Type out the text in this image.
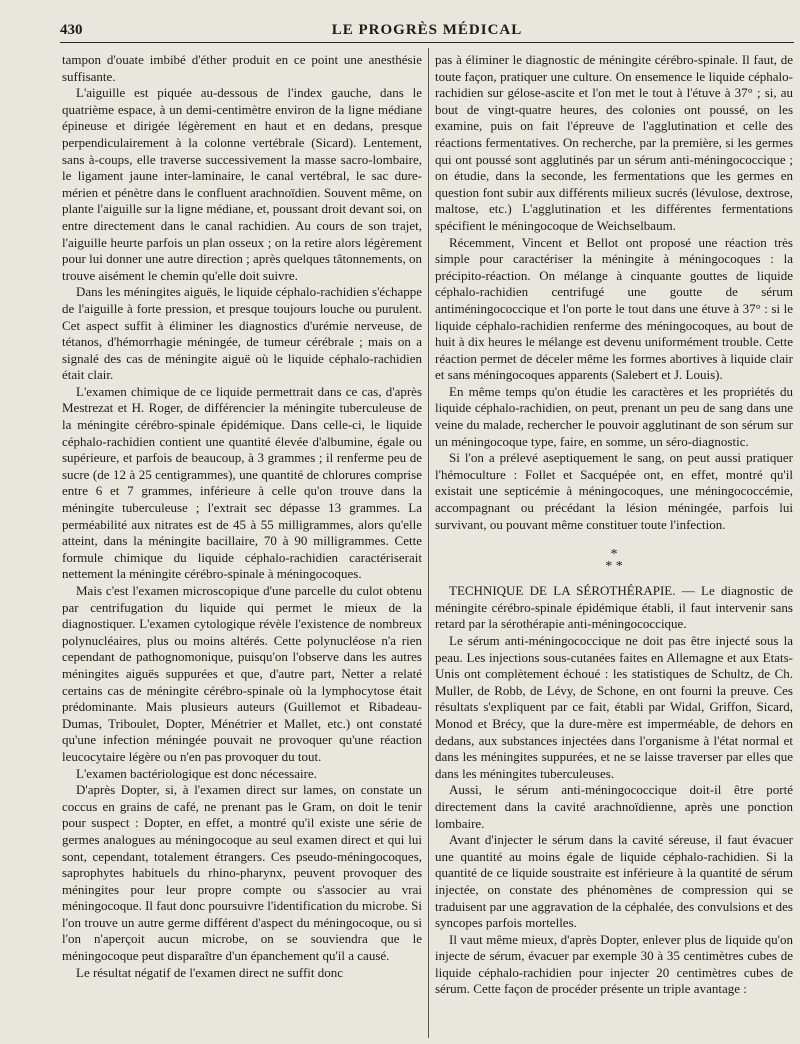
430	LE PROGRÈS MÉDICAL

tampon d'ouate imbibé d'éther produit en ce point une anesthésie suffisante.

L'aiguille est piquée au-dessous de l'index gauche, dans le quatrième espace, à un demi-centimètre environ de la ligne médiane épineuse et dirigée légèrement en haut et en dedans, presque perpendiculairement à la colonne vertébrale (Sicard). Lentement, sans à-coups, elle traverse successivement la masse sacro-lombaire, le ligament jaune inter-laminaire, le canal vertébral, le sac dure-mérien et pénètre dans le confluent arachnoïdien. Souvent même, on plante l'aiguille sur la ligne médiane, et, poussant droit devant soi, on entre directement dans le canal rachidien. Au cours de son trajet, l'aiguille heurte parfois un plan osseux ; on la retire alors légèrement pour lui donner une autre direction ; après quelques tâtonnements, on trouve aisément le chemin qu'elle doit suivre.

Dans les méningites aiguës, le liquide céphalo-rachidien s'échappe de l'aiguille à forte pression, et presque toujours louche ou purulent. Cet aspect suffit à éliminer les diagnostics d'urémie nerveuse, de tétanos, d'hémorrhagie méningée, de tumeur cérébrale ; mais on a signalé des cas de méningite aiguë où le liquide céphalo-rachidien était clair.

L'examen chimique de ce liquide permettrait dans ce cas, d'après Mestrezat et H. Roger, de différencier la méningite tuberculeuse de la méningite cérébro-spinale épidémique. Dans celle-ci, le liquide céphalo-rachidien contient une quantité élevée d'albumine, égale ou supérieure, et parfois de beaucoup, à 3 grammes ; il renferme peu de sucre (de 12 à 25 centigrammes), une quantité de chlorures comprise entre 6 et 7 grammes, inférieure à celle qu'on trouve dans la méningite tuberculeuse ; l'extrait sec dépasse 13 grammes. La perméabilité aux nitrates est de 45 à 55 milligrammes, alors qu'elle atteint, dans la méningite bacillaire, 70 à 90 milligrammes. Cette formule chimique du liquide céphalo-rachidien caractériserait nettement la méningite cérébro-spinale à méningocoques.

Mais c'est l'examen microscopique d'une parcelle du culot obtenu par centrifugation du liquide qui permet le mieux de la diagnostiquer. L'examen cytologique révèle l'existence de nombreux polynucléaires, plus ou moins altérés. Cette polynucléose n'a rien cependant de pathognomonique, puisqu'on l'observe dans les autres méningites aiguës suppurées et que, d'autre part, Netter a relaté certains cas de méningite cérébro-spinale où la lymphocytose était prédominante. Mais plusieurs auteurs (Guillemot et Ribadeau-Dumas, Triboulet, Dopter, Ménétrier et Mallet, etc.) ont constaté qu'une infection méningée pouvait ne provoquer qu'une réaction leucocytaire légère ou n'en pas provoquer du tout.

L'examen bactériologique est donc nécessaire.

D'après Dopter, si, à l'examen direct sur lames, on constate un coccus en grains de café, ne prenant pas le Gram, on doit le tenir pour suspect : Dopter, en effet, a montré qu'il existe une série de germes analogues au méningocoque au seul examen direct et qui lui sont, cependant, totalement étrangers. Ces pseudo-méningocoques, saprophytes habituels du rhino-pharynx, peuvent provoquer des méningites pour leur propre compte ou s'associer au vrai méningocoque. Il faut donc poursuivre l'identification du microbe. Si l'on trouve un autre germe différent d'aspect du méningocoque, ou si l'on n'aperçoit aucun microbe, on se souviendra que le méningocoque peut disparaître d'un épanchement qu'il a causé.

Le résultat négatif de l'examen direct ne suffit donc

pas à éliminer le diagnostic de méningite cérébro-spinale. Il faut, de toute façon, pratiquer une culture. On ensemence le liquide céphalo-rachidien sur gélose-ascite et l'on met le tout à l'étuve à 37° ; si, au bout de vingt-quatre heures, des colonies ont poussé, on les examine, puis on fait l'épreuve de l'agglutination et celle des réactions fermentatives. On recherche, par la première, si les germes qui ont poussé sont agglutinés par un sérum anti-méningococcique ; on étudie, dans la seconde, les fermentations que les germes en question font subir aux différents milieux sucrés (lévulose, dextrose, maltose, etc.) L'agglutination et les différentes fermentations spécifient le méningocoque de Weichselbaum.

Récemment, Vincent et Bellot ont proposé une réaction très simple pour caractériser la méningite à méningocoques : la précipito-réaction. On mélange à cinquante gouttes de liquide céphalo-rachidien centrifugé une goutte de sérum antiméningococcique et l'on porte le tout dans une étuve à 37° : si le liquide céphalo-rachidien renferme des méningocoques, au bout de huit à dix heures le mélange est devenu uniformément trouble. Cette réaction permet de déceler même les formes abortives à liquide clair et sans méningocoques apparents (Salebert et J. Louis).

En même temps qu'on étudie les caractères et les propriétés du liquide céphalo-rachidien, on peut, prenant un peu de sang dans une veine du malade, rechercher le pouvoir agglutinant de son sérum sur un méningocoque type, faire, en somme, un séro-diagnostic.

Si l'on a prélevé aseptiquement le sang, on peut aussi pratiquer l'hémoculture : Follet et Sacquépée ont, en effet, montré qu'il existait une septicémie à méningocoques, une méningococcémie, accompagnant ou précédant la lésion méningée, parfois lui survivant, ou pouvant même constituer toute l'infection.

*
* *

TECHNIQUE DE LA SÉROTHÉRAPIE. — Le diagnostic de méningite cérébro-spinale épidémique établi, il faut intervenir sans retard par la sérothérapie anti-méningococcique.

Le sérum anti-méningococcique ne doit pas être injecté sous la peau. Les injections sous-cutanées faites en Allemagne et aux Etats-Unis ont complètement échoué : les statistiques de Schultz, de Ch. Muller, de Robb, de Lévy, de Schone, en ont fourni la preuve. Ces résultats s'expliquent par ce fait, établi par Widal, Griffon, Sicard, Monod et Brécy, que la dure-mère est imperméable, de dehors en dedans, aux substances injectées dans l'organisme à l'état normal et dans les méningites suppurées, et ne se laisse traverser par elles que dans les méningites tuberculeuses.

Aussi, le sérum anti-méningococcique doit-il être porté directement dans la cavité arachnoïdienne, après une ponction lombaire.

Avant d'injecter le sérum dans la cavité séreuse, il faut évacuer une quantité au moins égale de liquide céphalo-rachidien. Si la quantité de ce liquide soustraite est inférieure à la quantité de sérum injectée, on constate des phénomènes de compression qui se traduisent par une aggravation de la céphalée, des convulsions et des syncopes parfois mortelles.

Il vaut même mieux, d'après Dopter, enlever plus de liquide qu'on injecte de sérum, évacuer par exemple 30 à 35 centimètres cubes de liquide céphalo-rachidien pour injecter 20 centimètres cubes de sérum. Cette façon de procéder présente un triple avantage :
